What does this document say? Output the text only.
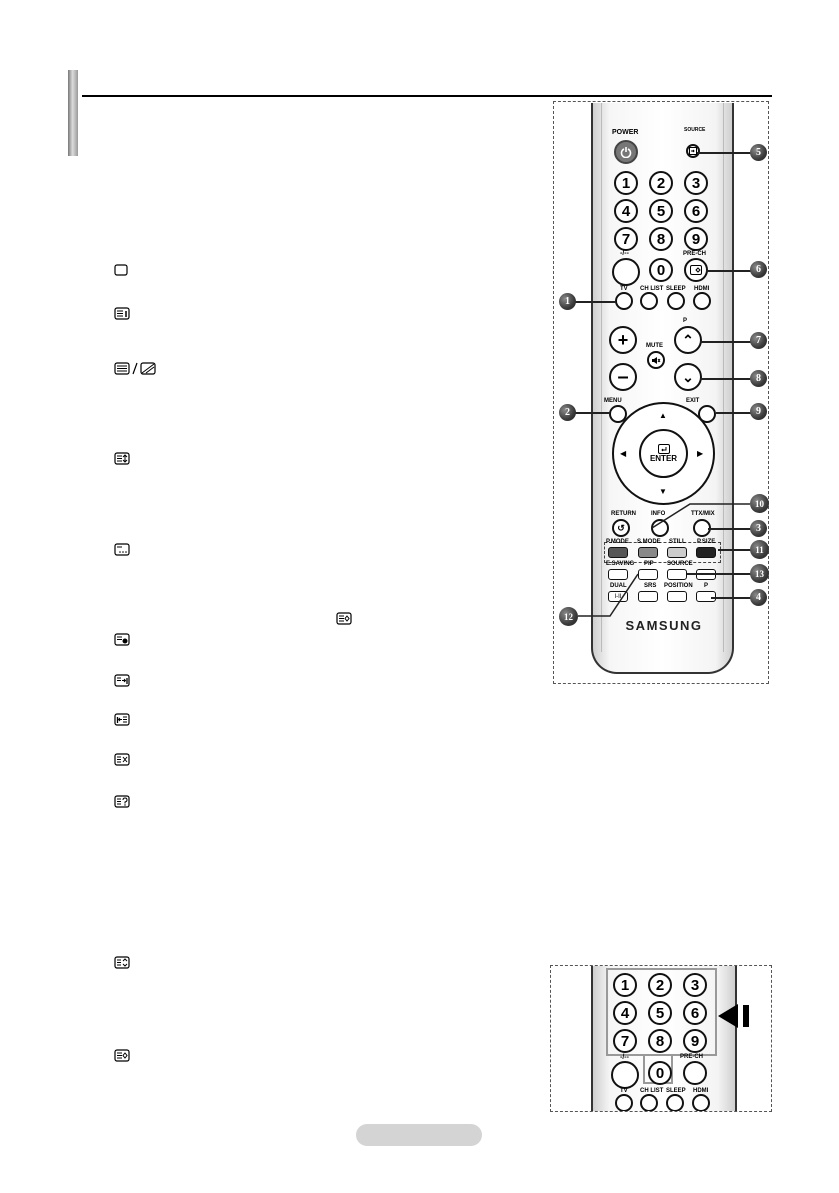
POWER	SOURCE
1	2	3
4	5	6
7	8	9
-/--
0
PRE-CH
TV CH LIST SLEEP HDMI
+
–
P
⌃
⌄
MUTE
MENU	EXIT
ENTER
▲
▼
◀	▶
RETURN
↺
INFO	TTX/MIX
P.MODE S.MODE STILL P.SIZE
E.SAVING PIP SOURCE
DUAL
I-II
SRS POSITION P
SAMSUNG
1
2
3
4
5
6
7
8
9
10
11
12
13
1	2	3
4	5	6
7	8	9
-/--
0
PRE-CH
TV CH LIST SLEEP HDMI
